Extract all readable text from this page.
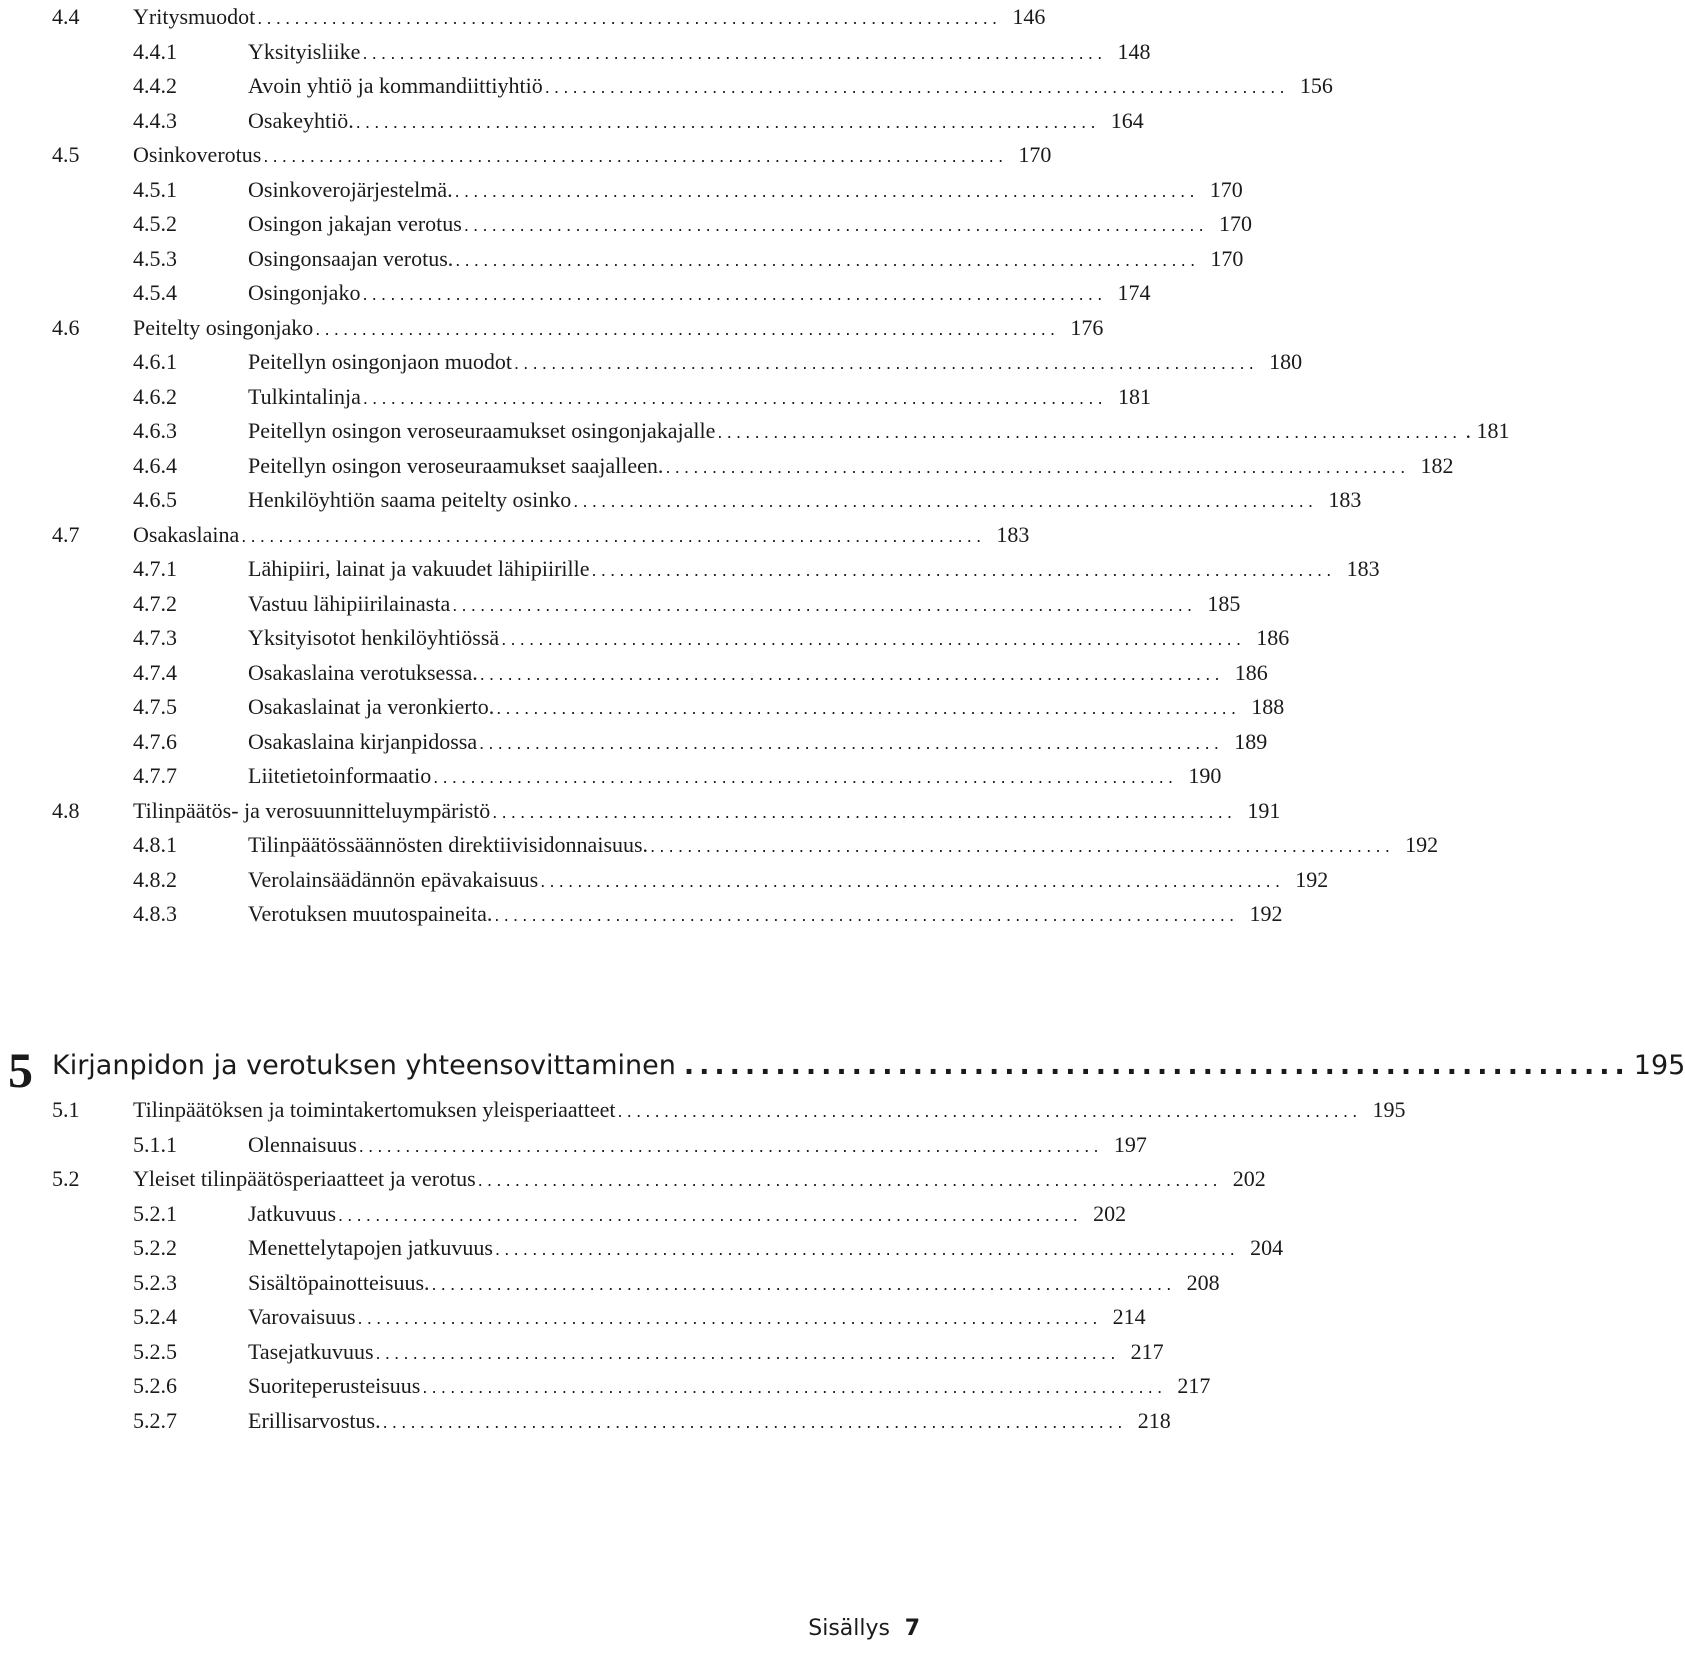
4.4 Yritysmuodot ................................................................................ 146
4.4.1	Yksityisliike ................................................................................ 148
4.4.2	Avoin yhtiö ja kommandiittiyhtiö ................................................................................ 156
4.4.3	Osakeyhtiö. ................................................................................ 164
4.5 Osinkoverotus ................................................................................ 170
4.5.1	Osinkoverojärjestelmä. ................................................................................ 170
4.5.2	Osingon jakajan verotus ................................................................................ 170
4.5.3	Osingonsaajan verotus. ................................................................................ 170
4.5.4	Osingonjako ................................................................................ 174
4.6 Peitelty osingonjako ................................................................................ 176
4.6.1	Peitellyn osingonjaon muodot ................................................................................ 180
4.6.2	Tulkintalinja ................................................................................ 181
4.6.3	Peitellyn osingon veroseuraamukset osingonjakajalle ................................................................................ . 181
4.6.4	Peitellyn osingon veroseuraamukset saajalleen. ................................................................................ 182
4.6.5	Henkilöyhtiön saama peitelty osinko ................................................................................ 183
4.7 Osakaslaina ................................................................................ 183
4.7.1	Lähipiiri, lainat ja vakuudet lähipiirille ................................................................................ 183
4.7.2	Vastuu lähipiirilainasta ................................................................................ 185
4.7.3	Yksityisotot henkilöyhtiössä ................................................................................ 186
4.7.4	Osakaslaina verotuksessa. ................................................................................ 186
4.7.5	Osakaslainat ja veronkierto. ................................................................................ 188
4.7.6	Osakaslaina kirjanpidossa ................................................................................ 189
4.7.7	Liitetietoinformaatio ................................................................................ 190
4.8 Tilinpäätös- ja verosuunnitteluympäristö ................................................................................ 191
4.8.1	Tilinpäätössäännösten direktiivisidonnaisuus. ................................................................................ 192
4.8.2	Verolainsäädännön epävakaisuus ................................................................................ 192
4.8.3	Verotuksen muutospaineita. ................................................................................ 192
5 Kirjanpidon ja verotuksen yhteensovittaminen .............................................................. 195
5.1 Tilinpäätöksen ja toimintakertomuksen yleisperiaatteet ................................................................................ 195
5.1.1	Olennaisuus ................................................................................ 197
5.2 Yleiset tilinpäätösperiaatteet ja verotus ................................................................................ 202
5.2.1	Jatkuvuus ................................................................................ 202
5.2.2	Menettelytapojen jatkuvuus ................................................................................ 204
5.2.3	Sisältöpainotteisuus. ................................................................................ 208
5.2.4	Varovaisuus ................................................................................ 214
5.2.5	Tasejatkuvuus ................................................................................ 217
5.2.6	Suoriteperusteisuus ................................................................................ 217
5.2.7	Erillisarvostus. ................................................................................ 218
Sisällys 7
